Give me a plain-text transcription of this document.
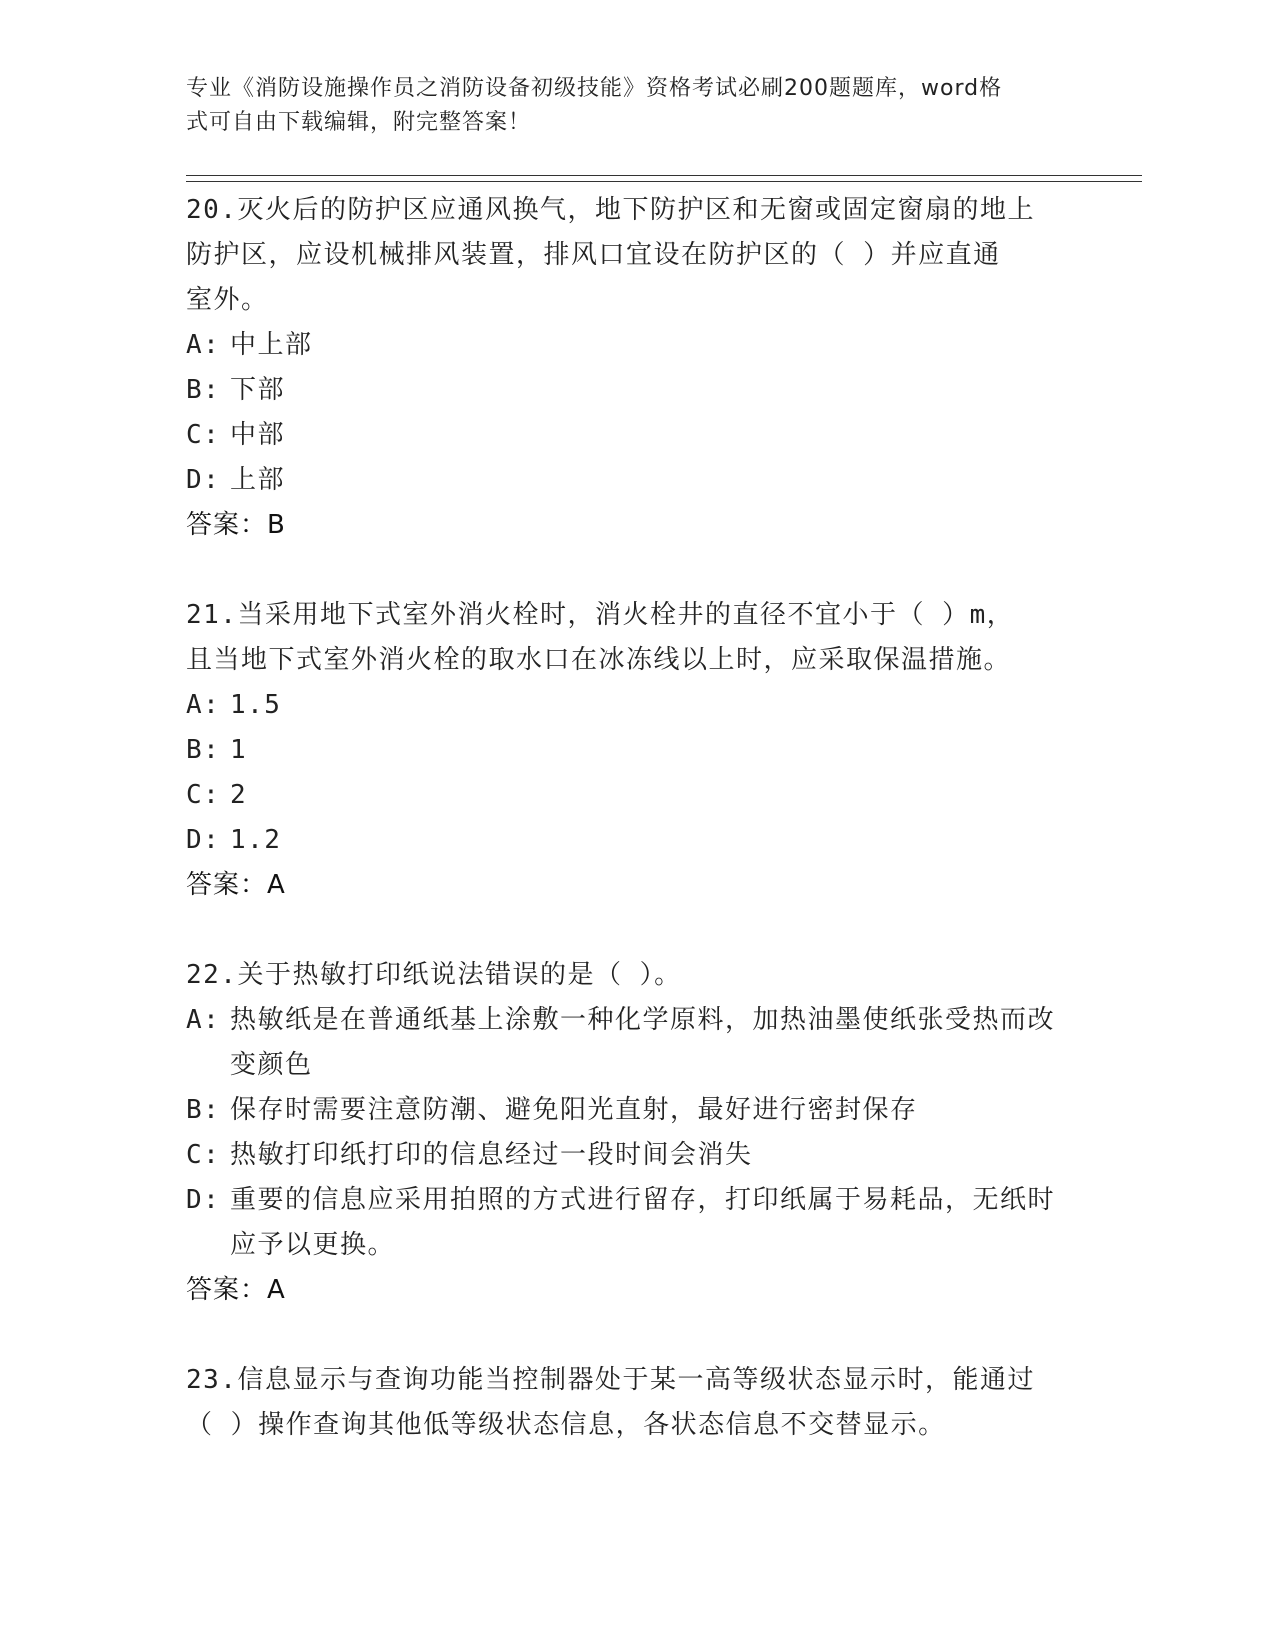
专业《消防设施操作员之消防设备初级技能》资格考试必刷200题题库，word格
式可自由下载编辑，附完整答案！
20.灭火后的防护区应通风换气，地下防护区和无窗或固定窗扇的地上
防护区，应设机械排风装置，排风口宜设在防护区的（ ）并应直通
室外。
A: 中上部
B: 下部
C: 中部
D: 上部
答案：B
21.当采用地下式室外消火栓时，消火栓井的直径不宜小于（ ）m，
且当地下式室外消火栓的取水口在冰冻线以上时，应采取保温措施。
A: 1.5
B: 1
C: 2
D: 1.2
答案：A
22.关于热敏打印纸说法错误的是（ ）。
A: 热敏纸是在普通纸基上涂敷一种化学原料，加热油墨使纸张受热而改变颜色
B: 保存时需要注意防潮、避免阳光直射，最好进行密封保存
C: 热敏打印纸打印的信息经过一段时间会消失
D: 重要的信息应采用拍照的方式进行留存，打印纸属于易耗品，无纸时应予以更换。
答案：A
23.信息显示与查询功能当控制器处于某一高等级状态显示时，能通过
（ ）操作查询其他低等级状态信息，各状态信息不交替显示。
